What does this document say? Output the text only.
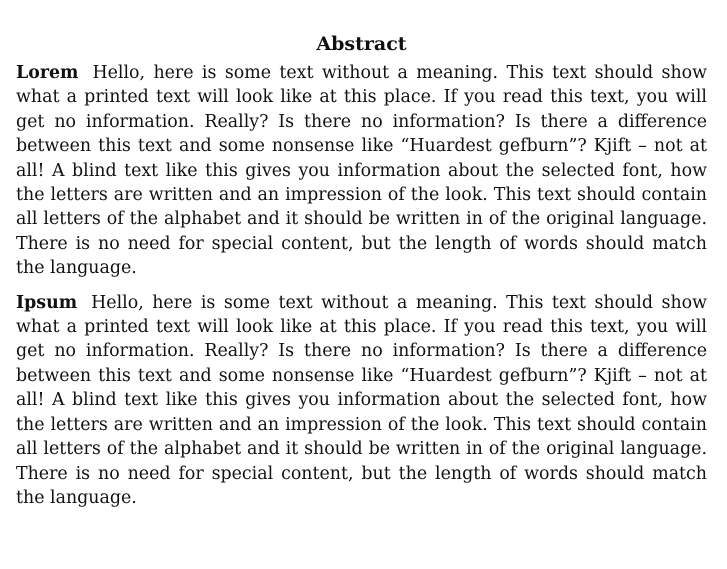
Abstract

Lorem Hello, here is some text without a meaning. This text should show what a printed text will look like at this place. If you read this text, you will get no information. Really? Is there no information? Is there a difference between this text and some nonsense like “Huardest gefburn”? Kjift – not at all! A blind text like this gives you information about the selected font, how the letters are written and an impression of the look. This text should contain all letters of the alphabet and it should be written in of the original language. There is no need for special content, but the length of words should match the language.

Ipsum Hello, here is some text without a meaning. This text should show what a printed text will look like at this place. If you read this text, you will get no information. Really? Is there no information? Is there a difference between this text and some nonsense like “Huardest gefburn”? Kjift – not at all! A blind text like this gives you information about the selected font, how the letters are written and an impression of the look. This text should contain all letters of the alphabet and it should be written in of the original language. There is no need for special content, but the length of words should match the language.
